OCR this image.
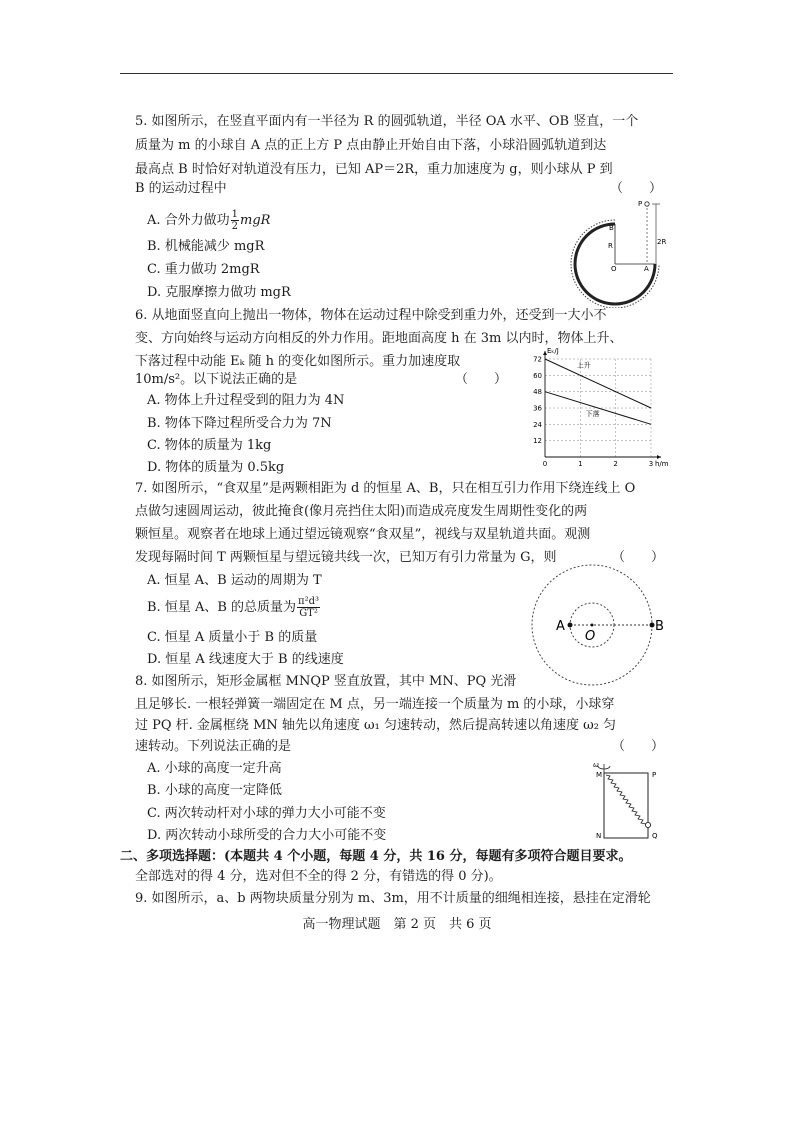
5. 如图所示，在竖直平面内有一半径为 R 的圆弧轨道，半径 OA 水平、OB 竖直，一个
质量为 m 的小球自 A 点的正上方 P 点由静止开始自由下落，小球沿圆弧轨道到达
最高点 B 时恰好对轨道没有压力，已知 AP＝2R，重力加速度为 g，则小球从 P 到
B 的运动过程中	（　　）
A. 合外力做功 $\frac{1}{2}$ mgR
B. 机械能减少 mgR
C. 重力做功 2mgR
D. 克服摩擦力做功 mgR
P
B
R	2R
O	A
6. 从地面竖直向上抛出一物体，物体在运动过程中除受到重力外，还受到一大小不
变、方向始终与运动方向相反的外力作用。距地面高度 h 在 3m 以内时，物体上升、
下落过程中动能 Eₖ 随 h 的变化如图所示。重力加速度取
10m/s²。以下说法正确的是	（　　）
A. 物体上升过程受到的阻力为 4N
B. 物体下降过程所受合力为 7N
C. 物体的质量为 1kg
D. 物体的质量为 0.5kg
12
24
36
48
60
72
0	1	2	3
Eₖ/J
h/m
上升
下落
7. 如图所示，“食双星”是两颗相距为 d 的恒星 A、B，只在相互引力作用下绕连线上 O
点做匀速圆周运动，彼此掩食(像月亮挡住太阳)而造成亮度发生周期性变化的两
颗恒星。观察者在地球上通过望远镜观察“食双星”，视线与双星轨道共面。观测
发现每隔时间 T 两颗恒星与望远镜共线一次，已知万有引力常量为 G，则	（　　）
A. 恒星 A、B 运动的周期为 T
B. 恒星 A、B 的总质量为 $\frac{\text{π²d³}}{\text{GT²}}$
C. 恒星 A 质量小于 B 的质量
D. 恒星 A 线速度大于 B 的线速度
A
O
B
8. 如图所示，矩形金属框 MNQP 竖直放置，其中 MN、PQ 光滑
且足够长. 一根轻弹簧一端固定在 M 点，另一端连接一个质量为 m 的小球，小球穿
过 PQ 杆. 金属框绕 MN 轴先以角速度 ω₁ 匀速转动，然后提高转速以角速度 ω₂ 匀
速转动。下列说法正确的是	（　　）
A. 小球的高度一定升高
B. 小球的高度一定降低
C. 两次转动杆对小球的弹力大小可能不变
D. 两次转动小球所受的合力大小可能不变
ω
M	P
N	Q
二、多项选择题：(本题共 4 个小题，每题 4 分，共 16 分，每题有多项符合题目要求。
全部选对的得 4 分，选对但不全的得 2 分，有错选的得 0 分)。
9. 如图所示，a、b 两物块质量分别为 m、3m，用不计质量的细绳相连接，悬挂在定滑轮
高一物理试题　第 2 页　共 6 页
